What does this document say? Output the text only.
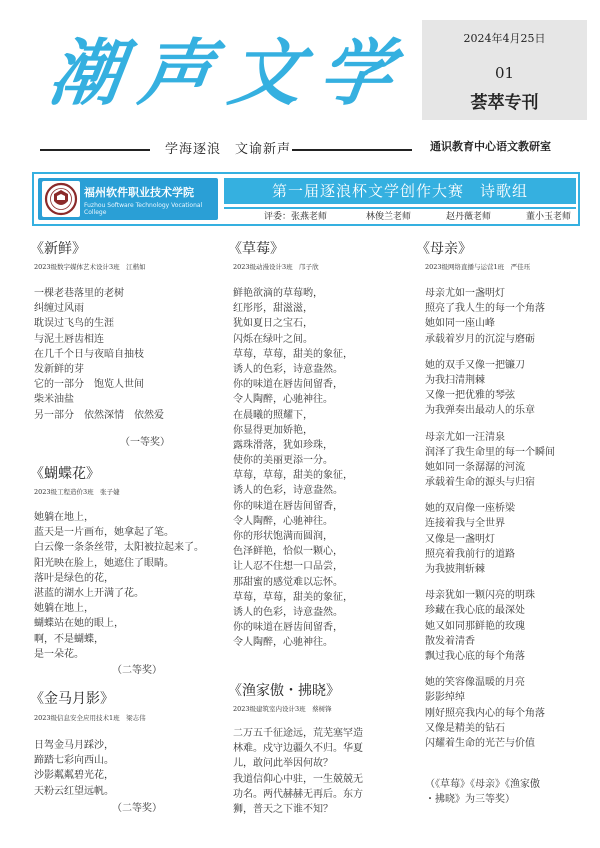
潮 声 文 学
学海逐浪　文谕新声
2024年4月25日
01
荟萃专刊
通识教育中心语文教研室
福州软件职业技术学院
Fuzhou Software Technology Vocational College
第一届逐浪杯文学创作大赛　诗歌组
评委：张燕老师	林俊兰老师	赵丹薇老师	董小玉老师
《新鲜》
2023级数字媒体艺术设计3班　江楷如
一棵老巷落里的老树
纠缠过风雨
耽误过飞鸟的生涯
与泥土唇齿相连
在几千个日与夜暗自抽枝
发新鲜的芽
它的一部分　饱览人世间
柴米油盐
另一部分　依然深情　依然爱
（一等奖）
《蝴蝶花》
2023级工程造价3班　张子婕
她躺在地上，
蓝天是一片画布，她拿起了笔。
白云像一条条丝带，太阳被拉起来了。
阳光映在脸上，她遮住了眼睛。
落叶是绿色的花，
湛蓝的湖水上开满了花。
她躺在地上，
蝴蝶站在她的眼上，
啊，不是蝴蝶，
是一朵花。
（二等奖）
《金马月影》
2023级信息安全应用技术1班　梁志伟
日驾金马月踩沙，
蹄踏七彩向西山。
沙影粼粼碧光花，
天粉云红望远帆。
（二等奖）
《草莓》
2023级动漫设计3班　邝子欣
鲜艳欲滴的草莓哟，
红彤彤，甜滋滋，
犹如夏日之宝石，
闪烁在绿叶之间。
草莓，草莓，甜美的象征，
诱人的色彩，诗意盎然。
你的味道在唇齿间留香，
令人陶醉，心驰神往。
在晨曦的照耀下，
你显得更加娇艳，
露珠滑落，犹如珍珠，
使你的美丽更添一分。
草莓，草莓，甜美的象征，
诱人的色彩，诗意盎然。
你的味道在唇齿间留香，
令人陶醉，心驰神往。
你的形状饱满而圆润，
色泽鲜艳，恰似一颗心，
让人忍不住想一口品尝，
那甜蜜的感觉难以忘怀。
草莓，草莓，甜美的象征，
诱人的色彩，诗意盎然。
你的味道在唇齿间留香，
令人陶醉，心驰神往。
《渔家傲・拂晓》
2023级建筑室内设计3班　蔡树锋
二万五千征途远，荒芜塞罕造
林难。戍守边疆久不归。华夏
儿，敢问此举因何故？
我道信仰心中驻，一生兢兢无
功名。两代赫赫无再后。东方
狮，普天之下谁不知？
《母亲》
2023级网络直播与运营1班　严佳珏
母亲尤如一盏明灯
照亮了我人生的每一个角落
她如同一座山峰
承载着岁月的沉淀与磨砺
她的双手又像一把镰刀
为我扫清荆棘
又像一把优雅的琴弦
为我弹奏出最动人的乐章
母亲尤如一汪清泉
润泽了我生命里的每一个瞬间
她如同一条潺潺的河流
承载着生命的源头与归宿
她的双肩像一座桥梁
连接着我与全世界
又像是一盏明灯
照亮着我前行的道路
为我披荆斩棘
母亲犹如一颗闪亮的明珠
珍藏在我心底的最深处
她又如同那鲜艳的玫瑰
散发着清香
飘过我心底的每个角落
她的笑容像温暖的月亮
影影绰绰
刚好照亮我内心的每个角落
又像是精美的钻石
闪耀着生命的光芒与价值
（《草莓》《母亲》《渔家傲
・拂晓》为三等奖）
